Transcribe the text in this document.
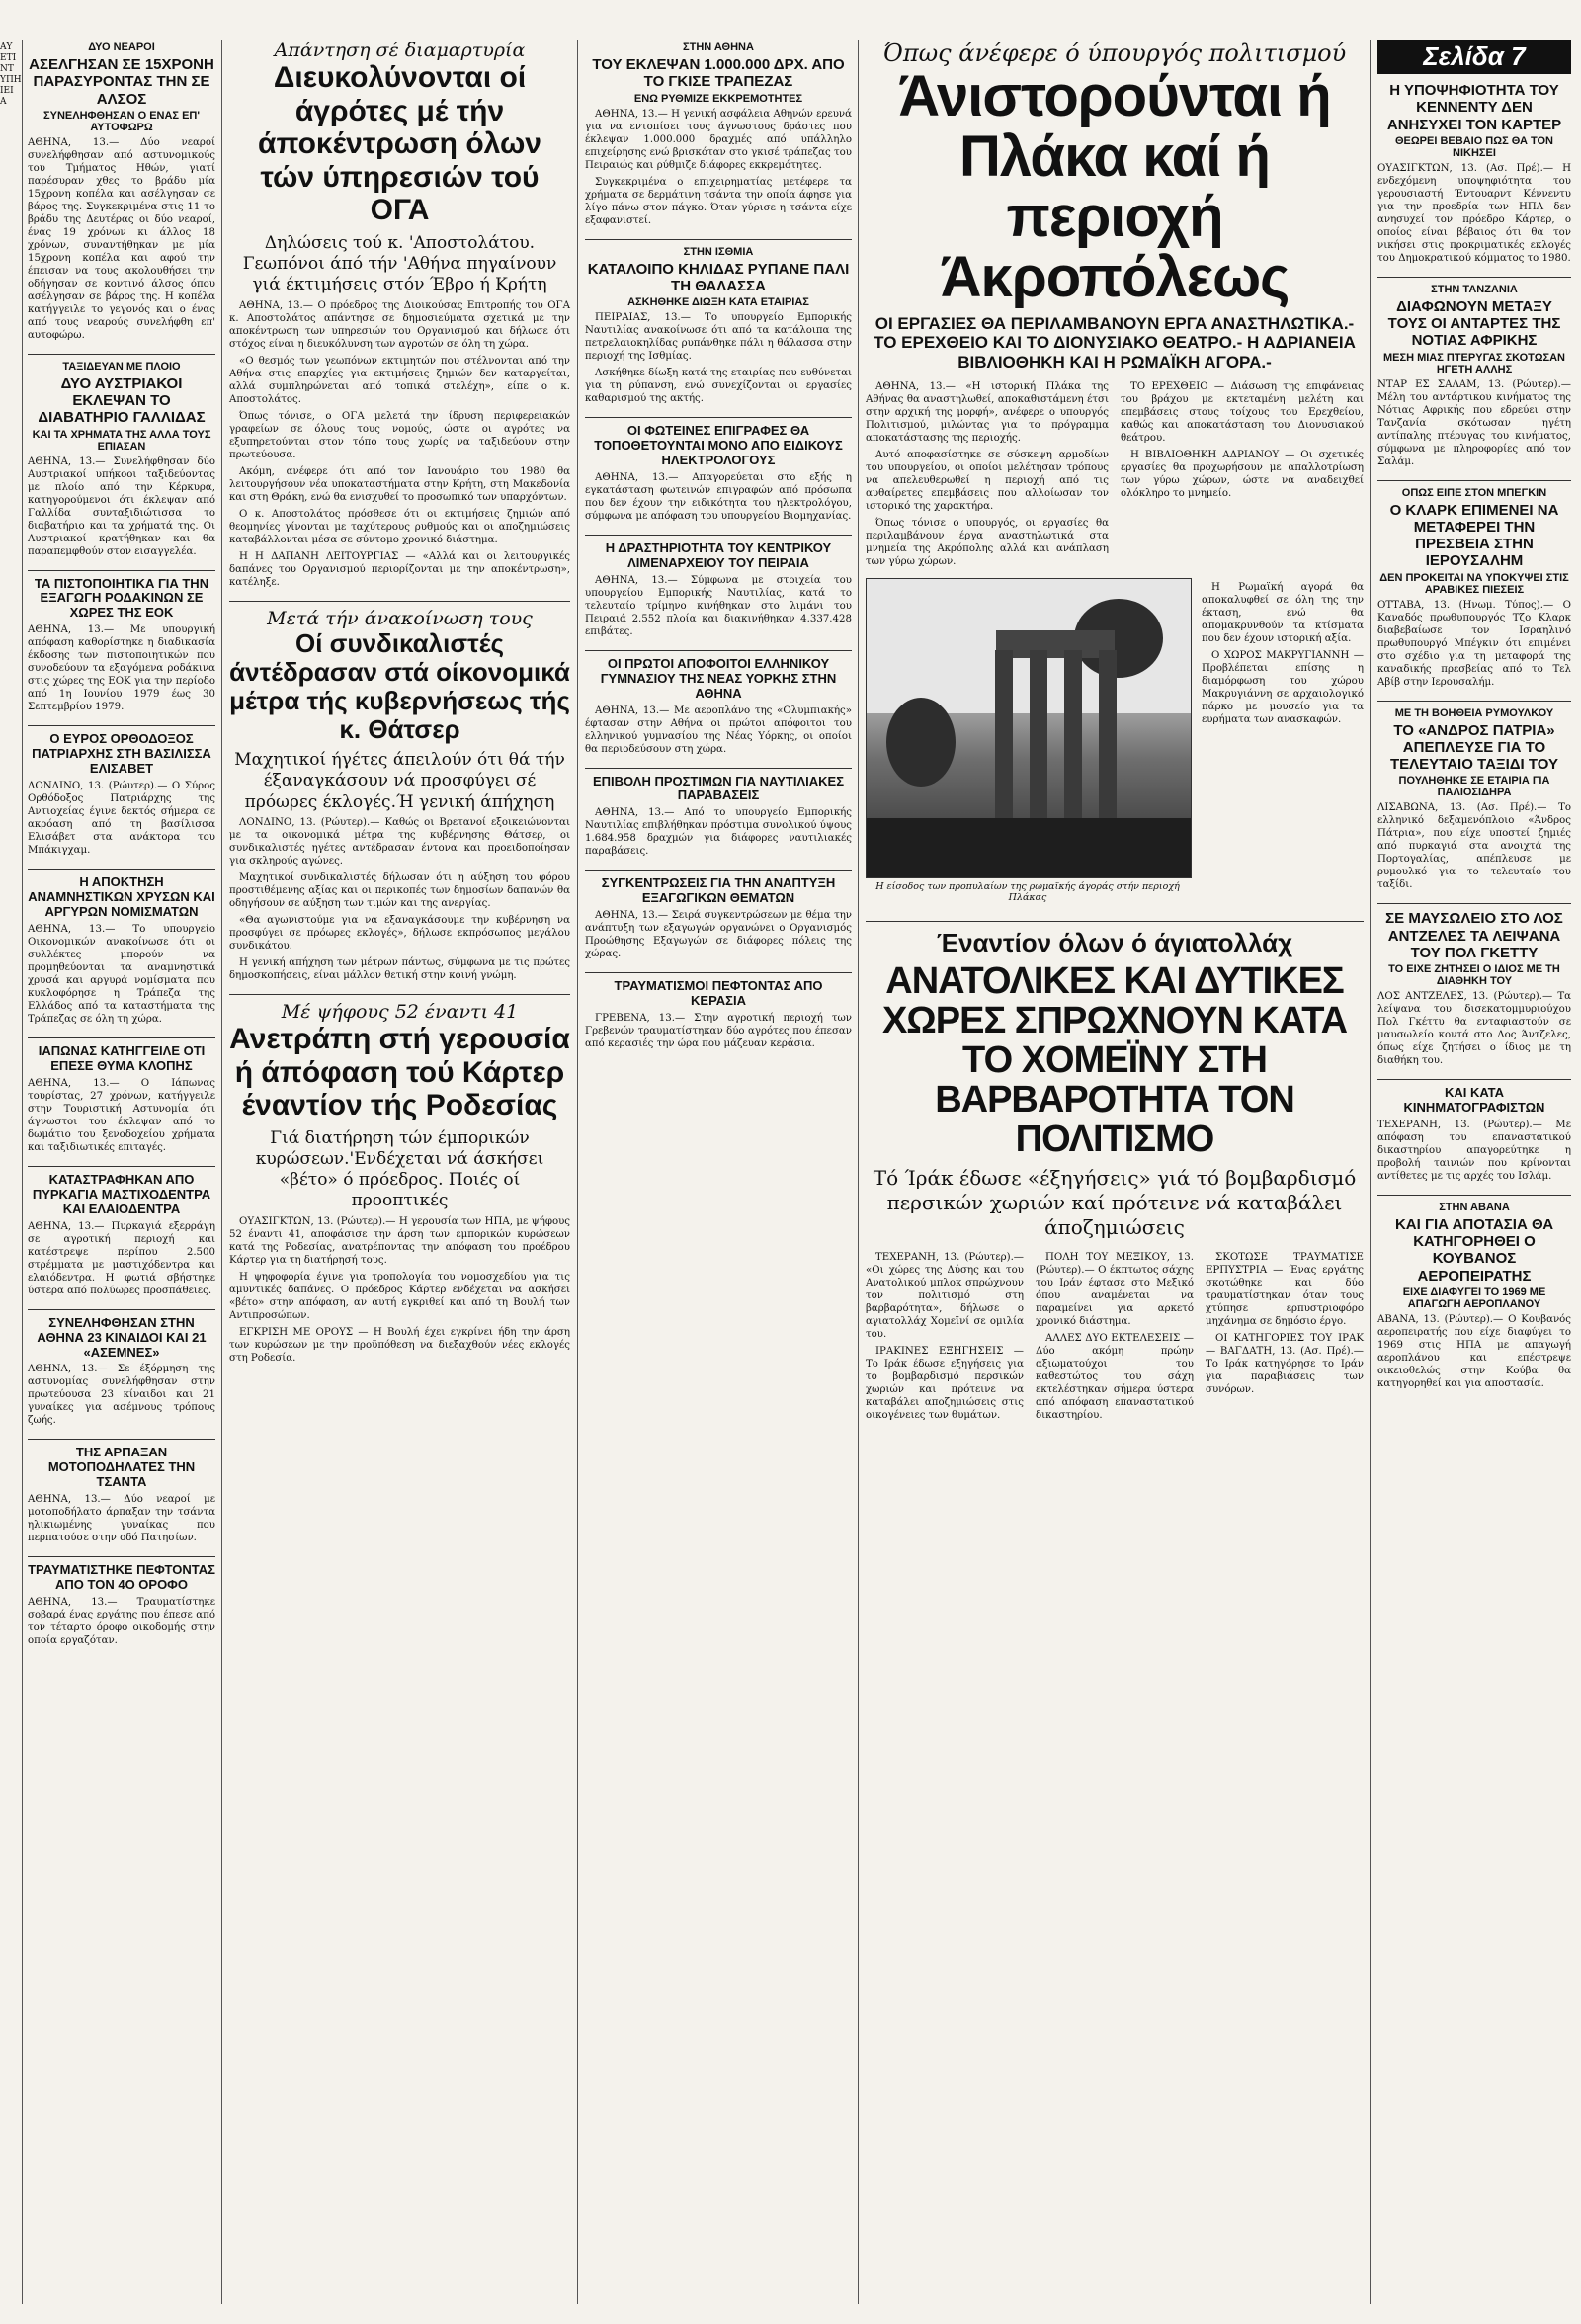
ΑΥ ΕΤΙ ΝΤ ΥΠΗ ΙΕΙ Α
ΔΥΟ ΝΕΑΡΟΙ
ΑΣΕΛΓΗΣΑΝ ΣΕ 15ΧΡΟΝΗ ΠΑΡΑΣΥΡΟΝΤΑΣ ΤΗΝ ΣΕ ΑΛΣΟΣ
ΣΥΝΕΛΗΦΘΗΣΑΝ Ο ΕΝΑΣ ΕΠ' ΑΥΤΟΦΩΡΩ
ΑΘΗΝΑ, 13.— Δύο νεαροί συνελήφθησαν από αστυνομικούς του Τμήματος Ηθών, γιατί παρέσυραν χθες το βράδυ μία 15χρονη κοπέλα και ασέλγησαν σε βάρος της. Συγκεκριμένα στις 11 το βράδυ της Δευτέρας οι δύο νεαροί, ένας 19 χρόνων κι άλλος 18 χρόνων, συναντήθηκαν με μία 15χρονη κοπέλα και αφού την έπεισαν να τους ακολουθήσει την οδήγησαν σε κοντινό άλσος όπου ασέλγησαν σε βάρος της. Η κοπέλα κατήγγειλε το γεγονός και ο ένας από τους νεαρούς συνελήφθη επ' αυτοφώρω.
ΤΑΞΙΔΕΥΑΝ ΜΕ ΠΛΟΙΟ
ΔΥΟ ΑΥΣΤΡΙΑΚΟΙ ΕΚΛΕΨΑΝ ΤΟ ΔΙΑΒΑΤΗΡΙΟ ΓΑΛΛΙΔΑΣ
ΚΑΙ ΤΑ ΧΡΗΜΑΤΑ ΤΗΣ ΑΛΛΑ ΤΟΥΣ ΕΠΙΑΣΑΝ
ΑΘΗΝΑ, 13.— Συνελήφθησαν δύο Αυστριακοί υπήκοοι ταξιδεύοντας με πλοίο από την Κέρκυρα, κατηγορούμενοι ότι έκλεψαν από Γαλλίδα συνταξιδιώτισσα το διαβατήριο και τα χρήματά της. Οι Αυστριακοί κρατήθηκαν και θα παραπεμφθούν στον εισαγγελέα.
ΤΑ ΠΙΣΤΟΠΟΙΗΤΙΚΑ ΓΙΑ ΤΗΝ ΕΞΑΓΩΓΗ ΡΟΔΑΚΙΝΩΝ ΣΕ ΧΩΡΕΣ ΤΗΣ ΕΟΚ
ΑΘΗΝΑ, 13.— Με υπουργική απόφαση καθορίστηκε η διαδικασία έκδοσης των πιστοποιητικών που συνοδεύουν τα εξαγόμενα ροδάκινα στις χώρες της ΕΟΚ για την περίοδο από 1η Ιουνίου 1979 έως 30 Σεπτεμβρίου 1979.
Ο ΕΥΡΟΣ ΟΡΘΟΔΟΞΟΣ ΠΑΤΡΙΑΡΧΗΣ ΣΤΗ ΒΑΣΙΛΙΣΣΑ ΕΛΙΣΑΒΕΤ
ΛΟΝΔΙΝΟ, 13. (Ρώυτερ).— Ο Σύρος Ορθόδοξος Πατριάρχης της Αντιοχείας έγινε δεκτός σήμερα σε ακρόαση από τη βασίλισσα Ελισάβετ στα ανάκτορα του Μπάκιγχαμ.
Η ΑΠΟΚΤΗΣΗ ΑΝΑΜΝΗΣΤΙΚΩΝ ΧΡΥΣΩΝ ΚΑΙ ΑΡΓΥΡΩΝ ΝΟΜΙΣΜΑΤΩΝ
ΑΘΗΝΑ, 13.— Το υπουργείο Οικονομικών ανακοίνωσε ότι οι συλλέκτες μπορούν να προμηθεύονται τα αναμνηστικά χρυσά και αργυρά νομίσματα που κυκλοφόρησε η Τράπεζα της Ελλάδος από τα καταστήματα της Τράπεζας σε όλη τη χώρα.
ΙΑΠΩΝΑΣ ΚΑΤΗΓΓΕΙΛΕ ΟΤΙ ΕΠΕΣΕ ΘΥΜΑ ΚΛΟΠΗΣ
ΑΘΗΝΑ, 13.— Ο Ιάπωνας τουρίστας, 27 χρόνων, κατήγγειλε στην Τουριστική Αστυνομία ότι άγνωστοι του έκλεψαν από το δωμάτιο του ξενοδοχείου χρήματα και ταξιδιωτικές επιταγές.
ΚΑΤΑΣΤΡΑΦΗΚΑΝ ΑΠΟ ΠΥΡΚΑΓΙΑ ΜΑΣΤΙΧΟΔΕΝΤΡΑ ΚΑΙ ΕΛΑΙΟΔΕΝΤΡΑ
ΑΘΗΝΑ, 13.— Πυρκαγιά εξερράγη σε αγροτική περιοχή και κατέστρεψε περίπου 2.500 στρέμματα με μαστιχόδεντρα και ελαιόδεντρα. Η φωτιά σβήστηκε ύστερα από πολύωρες προσπάθειες.
ΣΥΝΕΛΗΦΘΗΣΑΝ ΣΤΗΝ ΑΘΗΝΑ 23 ΚΙΝΑΙΔΟΙ ΚΑΙ 21 «ΑΣΕΜΝΕΣ»
ΑΘΗΝΑ, 13.— Σε έξόρμηση της αστυνομίας συνελήφθησαν στην πρωτεύουσα 23 κίναιδοι και 21 γυναίκες για ασέμνους τρόπους ζωής.
ΤΗΣ ΑΡΠΑΞΑΝ ΜΟΤΟΠΟΔΗΛΑΤΕΣ ΤΗΝ ΤΣΑΝΤΑ
ΑΘΗΝΑ, 13.— Δύο νεαροί με μοτοποδήλατο άρπαξαν την τσάντα ηλικιωμένης γυναίκας που περπατούσε στην οδό Πατησίων.
ΤΡΑΥΜΑΤΙΣΤΗΚΕ ΠΕΦΤΟΝΤΑΣ ΑΠΟ ΤΟΝ 4Ο ΟΡΟΦΟ
ΑΘΗΝΑ, 13.— Τραυματίστηκε σοβαρά ένας εργάτης που έπεσε από τον τέταρτο όροφο οικοδομής στην οποία εργαζόταν.
Απάντηση σέ διαμαρτυρία
Διευκολύνονται οί άγρότες μέ τήν άποκέντρωση όλων τών ύπηρεσιών τού ΟΓΑ
Δηλώσεις τού κ. 'Αποστολάτου. Γεωπόνοι άπό τήν 'Αθήνα πηγαίνουν γιά έκτιμήσεις στόν Έβρο ή Κρήτη

ΑΘΗΝΑ, 13.— Ο πρόεδρος της Διοικούσας Επιτροπής του ΟΓΑ κ. Αποστολάτος απάντησε σε δημοσιεύματα σχετικά με την αποκέντρωση των υπηρεσιών του Οργανισμού και δήλωσε ότι στόχος είναι η διευκόλυνση των αγροτών σε όλη τη χώρα.

«Ο θεσμός των γεωπόνων εκτιμητών που στέλνονται από την Αθήνα στις επαρχίες για εκτιμήσεις ζημιών δεν καταργείται, αλλά συμπληρώνεται από τοπικά στελέχη», είπε ο κ. Αποστολάτος.

Όπως τόνισε, ο ΟΓΑ μελετά την ίδρυση περιφερειακών γραφείων σε όλους τους νομούς, ώστε οι αγρότες να εξυπηρετούνται στον τόπο τους χωρίς να ταξιδεύουν στην πρωτεύουσα.

Ακόμη, ανέφερε ότι από τον Ιανουάριο του 1980 θα λειτουργήσουν νέα υποκαταστήματα στην Κρήτη, στη Μακεδονία και στη Θράκη, ενώ θα ενισχυθεί το προσωπικό των υπαρχόντων.

Ο κ. Αποστολάτος πρόσθεσε ότι οι εκτιμήσεις ζημιών από θεομηνίες γίνονται με ταχύτερους ρυθμούς και οι αποζημιώσεις καταβάλλονται μέσα σε σύντομο χρονικό διάστημα.

Η Η ΔΑΠΑΝΗ ΛΕΙΤΟΥΡΓΙΑΣ — «Αλλά και οι λειτουργικές δαπάνες του Οργανισμού περιορίζονται με την αποκέντρωση», κατέληξε.

Μετά τήν άνακοίνωση τους
Οί συνδικαλιστές άντέδρασαν στά οίκονομικά μέτρα τής κυβερνήσεως τής κ. Θάτσερ
Μαχητικοί ήγέτες άπειλούν ότι θά τήν έξαναγκάσουν νά προσφύγει σέ πρόωρες έκλογές.Ή γενική άπήχηση

ΛΟΝΔΙΝΟ, 13. (Ρώυτερ).— Καθώς οι Βρετανοί εξοικειώνονται με τα οικονομικά μέτρα της κυβέρνησης Θάτσερ, οι συνδικαλιστές ηγέτες αντέδρασαν έντονα και προειδοποίησαν για σκληρούς αγώνες.

Μαχητικοί συνδικαλιστές δήλωσαν ότι η αύξηση του φόρου προστιθέμενης αξίας και οι περικοπές των δημοσίων δαπανών θα οδηγήσουν σε αύξηση των τιμών και της ανεργίας.

«Θα αγωνιστούμε για να εξαναγκάσουμε την κυβέρνηση να προσφύγει σε πρόωρες εκλογές», δήλωσε εκπρόσωπος μεγάλου συνδικάτου.

Η γενική απήχηση των μέτρων πάντως, σύμφωνα με τις πρώτες δημοσκοπήσεις, είναι μάλλον θετική στην κοινή γνώμη.

Μέ ψήφους 52 έναντι 41
Ανετράπη στή γερουσία ή άπόφαση τού Κάρτερ έναντίον τής Ροδεσίας
Γιά διατήρηση τών έμπορικών κυρώσεων.'Ενδέχεται νά άσκήσει «βέτο» ό πρόεδρος. Ποιές οί προοπτικές

ΟΥΑΣΙΓΚΤΩΝ, 13. (Ρώυτερ).— Η γερουσία των ΗΠΑ, με ψήφους 52 έναντι 41, αποφάσισε την άρση των εμπορικών κυρώσεων κατά της Ροδεσίας, ανατρέποντας την απόφαση του προέδρου Κάρτερ για τη διατήρησή τους.

Η ψηφοφορία έγινε για τροπολογία του νομοσχεδίου για τις αμυντικές δαπάνες. Ο πρόεδρος Κάρτερ ενδέχεται να ασκήσει «βέτο» στην απόφαση, αν αυτή εγκριθεί και από τη Βουλή των Αντιπροσώπων.

ΕΓΚΡΙΣΗ ΜΕ ΟΡΟΥΣ — Η Βουλή έχει εγκρίνει ήδη την άρση των κυρώσεων με την προϋπόθεση να διεξαχθούν νέες εκλογές στη Ροδεσία.

ΣΤΗΝ ΑΘΗΝΑ
ΤΟΥ ΕΚΛΕΨΑΝ 1.000.000 ΔΡΧ. ΑΠΟ ΤΟ ΓΚΙΣΕ ΤΡΑΠΕΖΑΣ
ΕΝΩ ΡΥΘΜΙΖΕ ΕΚΚΡΕΜΟΤΗΤΕΣ

ΑΘΗΝΑ, 13.— Η γενική ασφάλεια Αθηνών ερευνά για να εντοπίσει τους άγνωστους δράστες που έκλεψαν 1.000.000 δραχμές από υπάλληλο επιχείρησης ενώ βρισκόταν στο γκισέ τράπεζας του Πειραιώς και ρύθμιζε διάφορες εκκρεμότητες.

Συγκεκριμένα ο επιχειρηματίας μετέφερε τα χρήματα σε δερμάτινη τσάντα την οποία άφησε για λίγο πάνω στον πάγκο. Όταν γύρισε η τσάντα είχε εξαφανιστεί.

ΣΤΗΝ ΙΣΘΜΙΑ
ΚΑΤΑΛΟΙΠΟ ΚΗΛΙΔΑΣ ΡΥΠΑΝΕ ΠΑΛΙ ΤΗ ΘΑΛΑΣΣΑ
ΑΣΚΗΘΗΚΕ ΔΙΩΞΗ ΚΑΤΑ ΕΤΑΙΡΙΑΣ

ΠΕΙΡΑΙΑΣ, 13.— Το υπουργείο Εμπορικής Ναυτιλίας ανακοίνωσε ότι από τα κατάλοιπα της πετρελαιοκηλίδας ρυπάνθηκε πάλι η θάλασσα στην περιοχή της Ισθμίας.

Ασκήθηκε δίωξη κατά της εταιρίας που ευθύνεται για τη ρύπανση, ενώ συνεχίζονται οι εργασίες καθαρισμού της ακτής.

ΟΙ ΦΩΤΕΙΝΕΣ ΕΠΙΓΡΑΦΕΣ ΘΑ ΤΟΠΟΘΕΤΟΥΝΤΑΙ ΜΟΝΟ ΑΠΟ ΕΙΔΙΚΟΥΣ ΗΛΕΚΤΡΟΛΟΓΟΥΣ

ΑΘΗΝΑ, 13.— Απαγορεύεται στο εξής η εγκατάσταση φωτεινών επιγραφών από πρόσωπα που δεν έχουν την ειδικότητα του ηλεκτρολόγου, σύμφωνα με απόφαση του υπουργείου Βιομηχανίας.

Η ΔΡΑΣΤΗΡΙΟΤΗΤΑ ΤΟΥ ΚΕΝΤΡΙΚΟΥ ΛΙΜΕΝΑΡΧΕΙΟΥ ΤΟΥ ΠΕΙΡΑΙΑ

ΑΘΗΝΑ, 13.— Σύμφωνα με στοιχεία του υπουργείου Εμπορικής Ναυτιλίας, κατά το τελευταίο τρίμηνο κινήθηκαν στο λιμάνι του Πειραιά 2.552 πλοία και διακινήθηκαν 4.337.428 επιβάτες.

ΟΙ ΠΡΩΤΟΙ ΑΠΟΦΟΙΤΟΙ ΕΛΛΗΝΙΚΟΥ ΓΥΜΝΑΣΙΟΥ ΤΗΣ ΝΕΑΣ ΥΟΡΚΗΣ ΣΤΗΝ ΑΘΗΝΑ

ΑΘΗΝΑ, 13.— Με αεροπλάνο της «Ολυμπιακής» έφτασαν στην Αθήνα οι πρώτοι απόφοιτοι του ελληνικού γυμνασίου της Νέας Υόρκης, οι οποίοι θα περιοδεύσουν στη χώρα.

ΕΠΙΒΟΛΗ ΠΡΟΣΤΙΜΩΝ ΓΙΑ ΝΑΥΤΙΛΙΑΚΕΣ ΠΑΡΑΒΑΣΕΙΣ

ΑΘΗΝΑ, 13.— Από το υπουργείο Εμπορικής Ναυτιλίας επιβλήθηκαν πρόστιμα συνολικού ύψους 1.684.958 δραχμών για διάφορες ναυτιλιακές παραβάσεις.

ΣΥΓΚΕΝΤΡΩΣΕΙΣ ΓΙΑ ΤΗΝ ΑΝΑΠΤΥΞΗ ΕΞΑΓΩΓΙΚΩΝ ΘΕΜΑΤΩΝ

ΑΘΗΝΑ, 13.— Σειρά συγκεντρώσεων με θέμα την ανάπτυξη των εξαγωγών οργανώνει ο Οργανισμός Προώθησης Εξαγωγών σε διάφορες πόλεις της χώρας.

ΤΡΑΥΜΑΤΙΣΜΟΙ ΠΕΦΤΟΝΤΑΣ ΑΠΟ ΚΕΡΑΣΙΑ

ΓΡΕΒΕΝΑ, 13.— Στην αγροτική περιοχή των Γρεβενών τραυματίστηκαν δύο αγρότες που έπεσαν από κερασιές την ώρα που μάζευαν κεράσια.

Όπως άνέφερε ό ύπουργός πολιτισμού
Άνιστορούνται ή Πλάκα καί ή περιοχή Άκροπόλεως
ΟΙ ΕΡΓΑΣΙΕΣ ΘΑ ΠΕΡΙΛΑΜΒΑΝΟΥΝ ΕΡΓΑ ΑΝΑΣΤΗΛΩΤΙΚΑ.- ΤΟ ΕΡΕΧΘΕΙΟ ΚΑΙ ΤΟ ΔΙΟΝΥΣΙΑΚΟ ΘΕΑΤΡΟ.- Η ΑΔΡΙΑΝΕΙΑ ΒΙΒΛΙΟΘΗΚΗ ΚΑΙ Η ΡΩΜΑΪΚΗ ΑΓΟΡΑ.-

ΑΘΗΝΑ, 13.— «Η ιστορική Πλάκα της Αθήνας θα αναστηλωθεί, αποκαθιστάμενη έτσι στην αρχική της μορφή», ανέφερε ο υπουργός Πολιτισμού, μιλώντας για το πρόγραμμα αποκατάστασης της περιοχής.

Αυτό αποφασίστηκε σε σύσκεψη αρμοδίων του υπουργείου, οι οποίοι μελέτησαν τρόπους να απελευθερωθεί η περιοχή από τις αυθαίρετες επεμβάσεις που αλλοίωσαν τον ιστορικό της χαρακτήρα.

Όπως τόνισε ο υπουργός, οι εργασίες θα περιλαμβάνουν έργα αναστηλωτικά στα μνημεία της Ακρόπολης αλλά και ανάπλαση των γύρω χώρων.

ΤΟ ΕΡΕΧΘΕΙΟ — Διάσωση της επιφάνειας του βράχου με εκτεταμένη μελέτη και επεμβάσεις στους τοίχους του Ερεχθείου, καθώς και αποκατάσταση του Διονυσιακού θεάτρου.

Η ΒΙΒΛΙΟΘΗΚΗ ΑΔΡΙΑΝΟΥ — Οι σχετικές εργασίες θα προχωρήσουν με απαλλοτρίωση των γύρω χώρων, ώστε να αναδειχθεί ολόκληρο το μνημείο.

Η είσοδος των προπυλαίων της ρωμαϊκής άγοράς στήν περιοχή Πλάκας

Η Ρωμαϊκή αγορά θα αποκαλυφθεί σε όλη της την έκταση, ενώ θα απομακρυνθούν τα κτίσματα που δεν έχουν ιστορική αξία.

Ο ΧΩΡΟΣ ΜΑΚΡΥΓΙΑΝΝΗ — Προβλέπεται επίσης η διαμόρφωση του χώρου Μακρυγιάννη σε αρχαιολογικό πάρκο με μουσείο για τα ευρήματα των ανασκαφών.

Έναντίον όλων ό άγιατολλάχ
ΑΝΑΤΟΛΙΚΕΣ ΚΑΙ ΔΥΤΙΚΕΣ ΧΩΡΕΣ ΣΠΡΩΧΝΟΥΝ ΚΑΤΑ ΤΟ ΧΟΜΕΪΝΥ ΣΤΗ ΒΑΡΒΑΡΟΤΗΤΑ ΤΟΝ ΠΟΛΙΤΙΣΜΟ
Τό Ίράκ έδωσε «έξηγήσεις» γιά τό βομβαρδισμό περσικών χωριών καί πρότεινε νά καταβάλει άποζημιώσεις

ΤΕΧΕΡΑΝΗ, 13. (Ρώυτερ).— «Οι χώρες της Δύσης και του Ανατολικού μπλοκ σπρώχνουν τον πολιτισμό στη βαρβαρότητα», δήλωσε ο αγιατολλάχ Χομεϊνί σε ομιλία του.

ΙΡΑΚΙΝΕΣ ΕΞΗΓΗΣΕΙΣ — Το Ιράκ έδωσε εξηγήσεις για το βομβαρδισμό περσικών χωριών και πρότεινε να καταβάλει αποζημιώσεις στις οικογένειες των θυμάτων.

ΠΟΛΗ ΤΟΥ ΜΕΞΙΚΟΥ, 13. (Ρώυτερ).— Ο έκπτωτος σάχης του Ιράν έφτασε στο Μεξικό όπου αναμένεται να παραμείνει για αρκετό χρονικό διάστημα.

ΑΛΛΕΣ ΔΥΟ ΕΚΤΕΛΕΣΕΙΣ — Δύο ακόμη πρώην αξιωματούχοι του καθεστώτος του σάχη εκτελέστηκαν σήμερα ύστερα από απόφαση επαναστατικού δικαστηρίου.

ΣΚΟΤΩΣΕ ΤΡΑΥΜΑΤΙΣΕ ΕΡΠΥΣΤΡΙΑ — Ένας εργάτης σκοτώθηκε και δύο τραυματίστηκαν όταν τους χτύπησε ερπυστριοφόρο μηχάνημα σε δημόσιο έργο.

ΟΙ ΚΑΤΗΓΟΡΙΕΣ ΤΟΥ ΙΡΑΚ — ΒΑΓΔΑΤΗ, 13. (Ασ. Πρέ).— Το Ιράκ κατηγόρησε το Ιράν για παραβιάσεις των συνόρων.

Σελίδα 7
Η ΥΠΟΨΗΦΙΟΤΗΤΑ ΤΟΥ ΚΕΝΝΕΝΤΥ ΔΕΝ ΑΝΗΣΥΧΕΙ ΤΟΝ ΚΑΡΤΕΡ
ΘΕΩΡΕΙ ΒΕΒΑΙΟ ΠΩΣ ΘΑ ΤΟΝ ΝΙΚΗΣΕΙ
ΟΥΑΣΙΓΚΤΩΝ, 13. (Ασ. Πρέ).— Η ενδεχόμενη υποψηφιότητα του γερουσιαστή Έντουαρντ Κέννεντυ για την προεδρία των ΗΠΑ δεν ανησυχεί τον πρόεδρο Κάρτερ, ο οποίος είναι βέβαιος ότι θα τον νικήσει στις προκριματικές εκλογές του Δημοκρατικού κόμματος το 1980.
ΣΤΗΝ ΤΑΝΖΑΝΙΑ
ΔΙΑΦΩΝΟΥΝ ΜΕΤΑΞΥ ΤΟΥΣ ΟΙ ΑΝΤΑΡΤΕΣ ΤΗΣ ΝΟΤΙΑΣ ΑΦΡΙΚΗΣ
ΜΕΣΗ ΜΙΑΣ ΠΤΕΡΥΓΑΣ ΣΚΟΤΩΣΑΝ ΗΓΕΤΗ ΑΛΛΗΣ
ΝΤΑΡ ΕΣ ΣΑΛΑΜ, 13. (Ρώυτερ).— Μέλη του αντάρτικου κινήματος της Νότιας Αφρικής που εδρεύει στην Τανζανία σκότωσαν ηγέτη αντίπαλης πτέρυγας του κινήματος, σύμφωνα με πληροφορίες από τον Σαλάμ.
ΟΠΩΣ ΕΙΠΕ ΣΤΟΝ ΜΠΕΓΚΙΝ
Ο ΚΛΑΡΚ ΕΠΙΜΕΝΕΙ ΝΑ ΜΕΤΑΦΕΡΕΙ ΤΗΝ ΠΡΕΣΒΕΙΑ ΣΤΗΝ ΙΕΡΟΥΣΑΛΗΜ
ΔΕΝ ΠΡΟΚΕΙΤΑΙ ΝΑ ΥΠΟΚΥΨΕΙ ΣΤΙΣ ΑΡΑΒΙΚΕΣ ΠΙΕΣΕΙΣ
ΟΤΤΑΒΑ, 13. (Ηνωμ. Τύπος).— Ο Καναδός πρωθυπουργός Τζο Κλαρκ διαβεβαίωσε τον Ισραηλινό πρωθυπουργό Μπέγκιν ότι επιμένει στο σχέδιο για τη μεταφορά της καναδικής πρεσβείας από το Τελ Αβίβ στην Ιερουσαλήμ.
ΜΕ ΤΗ ΒΟΗΘΕΙΑ ΡΥΜΟΥΛΚΟΥ
ΤΟ «ΑΝΔΡΟΣ ΠΑΤΡΙΑ» ΑΠΕΠΛΕΥΣΕ ΓΙΑ ΤΟ ΤΕΛΕΥΤΑΙΟ ΤΑΞΙΔΙ ΤΟΥ
ΠΟΥΛΗΘΗΚΕ ΣΕ ΕΤΑΙΡΙΑ ΓΙΑ ΠΑΛΙΟΣΙΔΗΡΑ
ΛΙΣΑΒΩΝΑ, 13. (Ασ. Πρέ).— Το ελληνικό δεξαμενόπλοιο «Άνδρος Πάτρια», που είχε υποστεί ζημιές από πυρκαγιά στα ανοιχτά της Πορτογαλίας, απέπλευσε με ρυμουλκό για το τελευταίο του ταξίδι.
ΣΕ ΜΑΥΣΩΛΕΙΟ ΣΤΟ ΛΟΣ ΑΝΤΖΕΛΕΣ ΤΑ ΛΕΙΨΑΝΑ ΤΟΥ ΠΟΛ ΓΚΕΤΤΥ
ΤΟ ΕΙΧΕ ΖΗΤΗΣΕΙ Ο ΙΔΙΟΣ ΜΕ ΤΗ ΔΙΑΘΗΚΗ ΤΟΥ
ΛΟΣ ΑΝΤΖΕΛΕΣ, 13. (Ρώυτερ).— Τα λείψανα του δισεκατομμυριούχου Πολ Γκέττυ θα ενταφιαστούν σε μαυσωλείο κοντά στο Λος Άντζελες, όπως είχε ζητήσει ο ίδιος με τη διαθήκη του.
ΚΑΙ ΚΑΤΑ ΚΙΝΗΜΑΤΟΓΡΑΦΙΣΤΩΝ
ΤΕΧΕΡΑΝΗ, 13. (Ρώυτερ).— Με απόφαση του επαναστατικού δικαστηρίου απαγορεύτηκε η προβολή ταινιών που κρίνονται αντίθετες με τις αρχές του Ισλάμ.
ΣΤΗΝ ΑΒΑΝΑ
ΚΑΙ ΓΙΑ ΑΠΟΤΑΣΙΑ ΘΑ ΚΑΤΗΓΟΡΗΘΕΙ Ο ΚΟΥΒΑΝΟΣ ΑΕΡΟΠΕΙΡΑΤΗΣ
ΕΙΧΕ ΔΙΑΦΥΓΕΙ ΤΟ 1969 ΜΕ ΑΠΑΓΩΓΗ ΑΕΡΟΠΛΑΝΟΥ
ΑΒΑΝΑ, 13. (Ρώυτερ).— Ο Κουβανός αεροπειρατής που είχε διαφύγει το 1969 στις ΗΠΑ με απαγωγή αεροπλάνου και επέστρεψε οικειοθελώς στην Κούβα θα κατηγορηθεί και για αποστασία.
